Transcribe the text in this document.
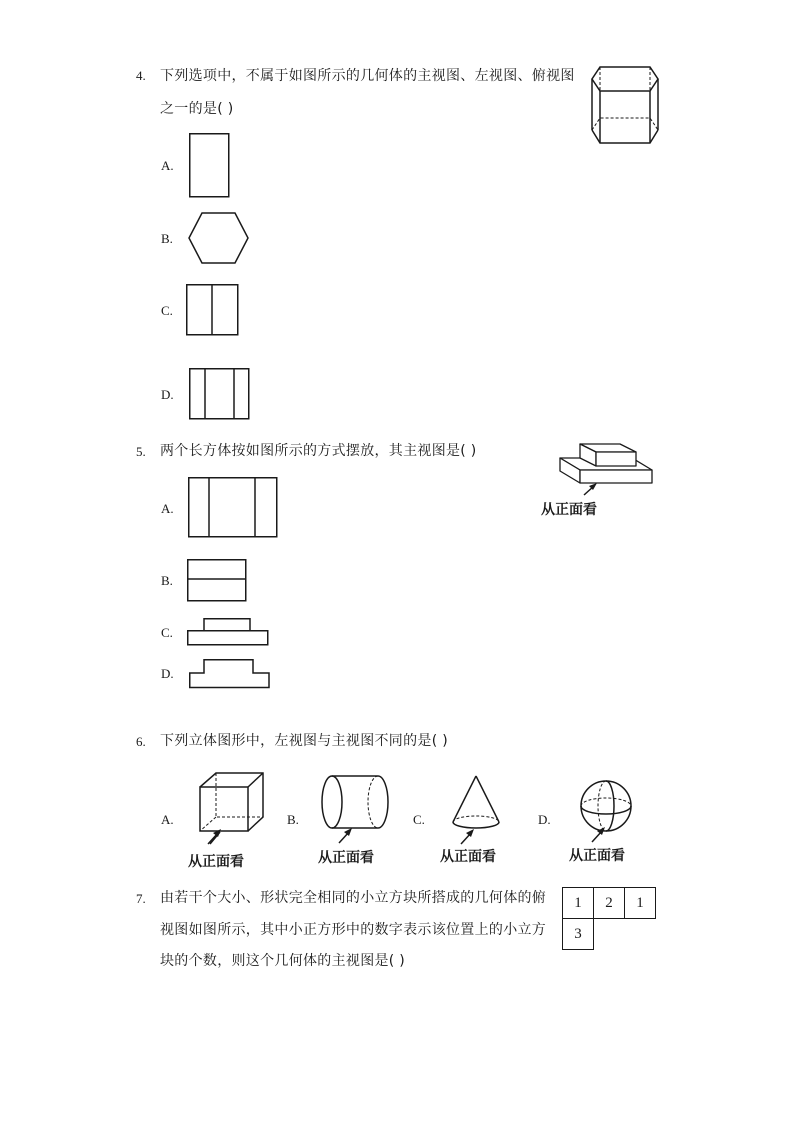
4. 下列选项中，不属于如图所示的几何体的主视图、左视图、俯视图
之一的是( )
A.
B.
C.
D.
5. 两个长方体按如图所示的方式摆放，其主视图是( )
从正面看
A.
B.
C.
D.
6. 下列立体图形中，左视图与主视图不同的是( )
A.
从正面看
B.
从正面看
C.
从正面看
D.
从正面看
7. 由若干个大小、形状完全相同的小立方块所搭成的几何体的俯
视图如图所示，其中小正方形中的数字表示该位置上的小立方
块的个数，则这个几何体的主视图是( )
1	2	1
3
